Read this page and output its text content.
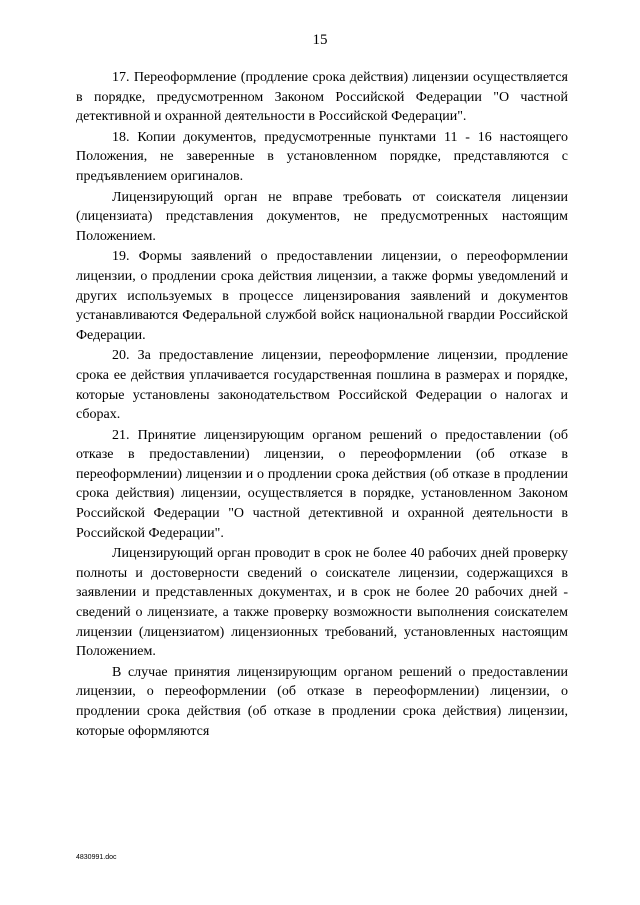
15

17. Переоформление (продление срока действия) лицензии осуществляется в порядке, предусмотренном Законом Российской Федерации "О частной детективной и охранной деятельности в Российской Федерации".

18. Копии документов, предусмотренные пунктами 11 - 16 настоящего Положения, не заверенные в установленном порядке, представляются с предъявлением оригиналов.

Лицензирующий орган не вправе требовать от соискателя лицензии (лицензиата) представления документов, не предусмотренных настоящим Положением.

19. Формы заявлений о предоставлении лицензии, о переоформлении лицензии, о продлении срока действия лицензии, а также формы уведомлений и других используемых в процессе лицензирования заявлений и документов устанавливаются Федеральной службой войск национальной гвардии Российской Федерации.

20. За предоставление лицензии, переоформление лицензии, продление срока ее действия уплачивается государственная пошлина в размерах и порядке, которые установлены законодательством Российской Федерации о налогах и сборах.

21. Принятие лицензирующим органом решений о предоставлении (об отказе в предоставлении) лицензии, о переоформлении (об отказе в переоформлении) лицензии и о продлении срока действия (об отказе в продлении срока действия) лицензии, осуществляется в порядке, установленном Законом Российской Федерации "О частной детективной и охранной деятельности в Российской Федерации".

Лицензирующий орган проводит в срок не более 40 рабочих дней проверку полноты и достоверности сведений о соискателе лицензии, содержащихся в заявлении и представленных документах, и в срок не более 20 рабочих дней - сведений о лицензиате, а также проверку возможности выполнения соискателем лицензии (лицензиатом) лицензионных требований, установленных настоящим Положением.

В случае принятия лицензирующим органом решений о предоставлении лицензии, о переоформлении (об отказе в переоформлении) лицензии, о продлении срока действия (об отказе в продлении срока действия) лицензии, которые оформляются

4830991.doc
